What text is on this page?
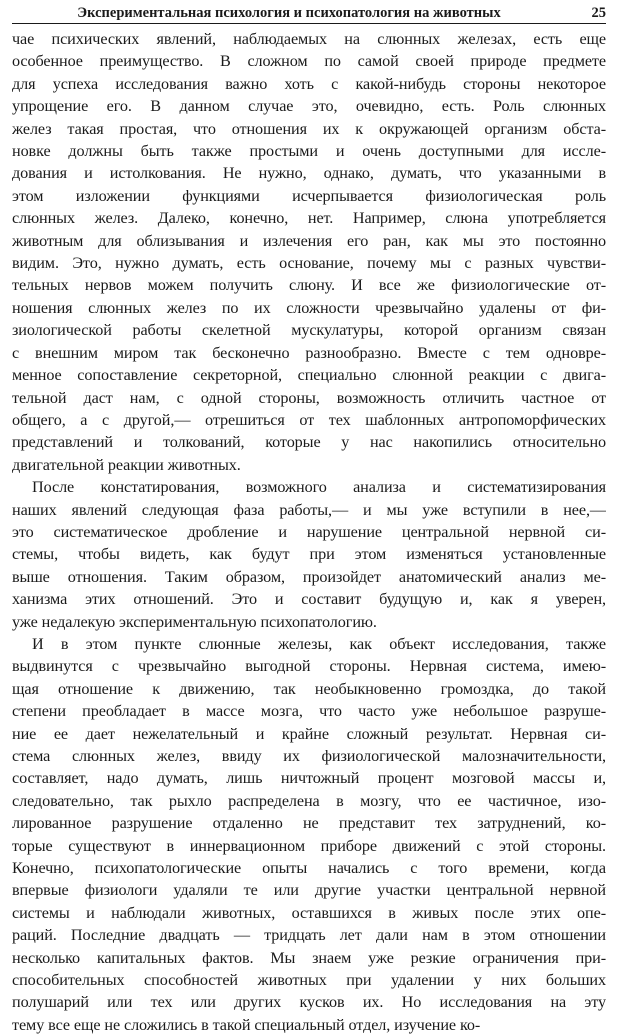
Экспериментальная психология и психопатология на животных	25
чае психических явлений, наблюдаемых на слюнных железах, есть еще
особенное преимущество. В сложном по самой своей природе предмете
для успеха исследования важно хоть с какой-нибудь стороны некоторое
упрощение его. В данном случае это, очевидно, есть. Роль слюнных
желез такая простая, что отношения их к окружающей организм обста-
новке должны быть также простыми и очень доступными для иссле-
дования и истолкования. Не нужно, однако, думать, что указанными в
этом изложении функциями исчерпывается физиологическая роль
слюнных желез. Далеко, конечно, нет. Например, слюна употребляется
животным для облизывания и излечения его ран, как мы это постоянно
видим. Это, нужно думать, есть основание, почему мы с разных чувстви-
тельных нервов можем получить слюну. И все же физиологические от-
ношения слюнных желез по их сложности чрезвычайно удалены от фи-
зиологической работы скелетной мускулатуры, которой организм связан
с внешним миром так бесконечно разнообразно. Вместе с тем одновре-
менное сопоставление секреторной, специально слюнной реакции с двига-
тельной даст нам, с одной стороны, возможность отличить частное от
общего, а с другой,— отрешиться от тех шаблонных антропоморфических
представлений и толкований, которые у нас накопились относительно
двигательной реакции животных.
После констатирования, возможного анализа и систематизирования
наших явлений следующая фаза работы,— и мы уже вступили в нее,—
это систематическое дробление и нарушение центральной нервной си-
стемы, чтобы видеть, как будут при этом изменяться установленные
выше отношения. Таким образом, произойдет анатомический анализ ме-
ханизма этих отношений. Это и составит будущую и, как я уверен,
уже недалекую экспериментальную психопатологию.
И в этом пункте слюнные железы, как объект исследования, также
выдвинутся с чрезвычайно выгодной стороны. Нервная система, имею-
щая отношение к движению, так необыкновенно громоздка, до такой
степени преобладает в массе мозга, что часто уже небольшое разруше-
ние ее дает нежелательный и крайне сложный результат. Нервная си-
стема слюнных желез, ввиду их физиологической малозначительности,
составляет, надо думать, лишь ничтожный процент мозговой массы и,
следовательно, так рыхло распределена в мозгу, что ее частичное, изо-
лированное разрушение отдаленно не представит тех затруднений, ко-
торые существуют в иннервационном приборе движений с этой стороны.
Конечно, психопатологические опыты начались с того времени, когда
впервые физиологи удаляли те или другие участки центральной нервной
системы и наблюдали животных, оставшихся в живых после этих опе-
раций. Последние двадцать — тридцать лет дали нам в этом отношении
несколько капитальных фактов. Мы знаем уже резкие ограничения при-
способительных способностей животных при удалении у них больших
полушарий или тех или других кусков их. Но исследования на эту
тему все еще не сложились в такой специальный отдел, изучение ко-
